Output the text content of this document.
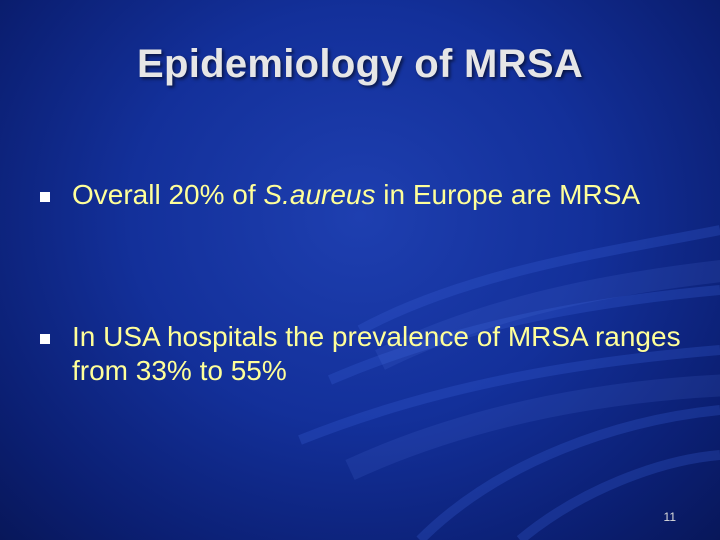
Epidemiology of MRSA
Overall 20% of S.aureus in Europe are MRSA
In USA hospitals the prevalence of MRSA ranges from 33% to 55%
11
